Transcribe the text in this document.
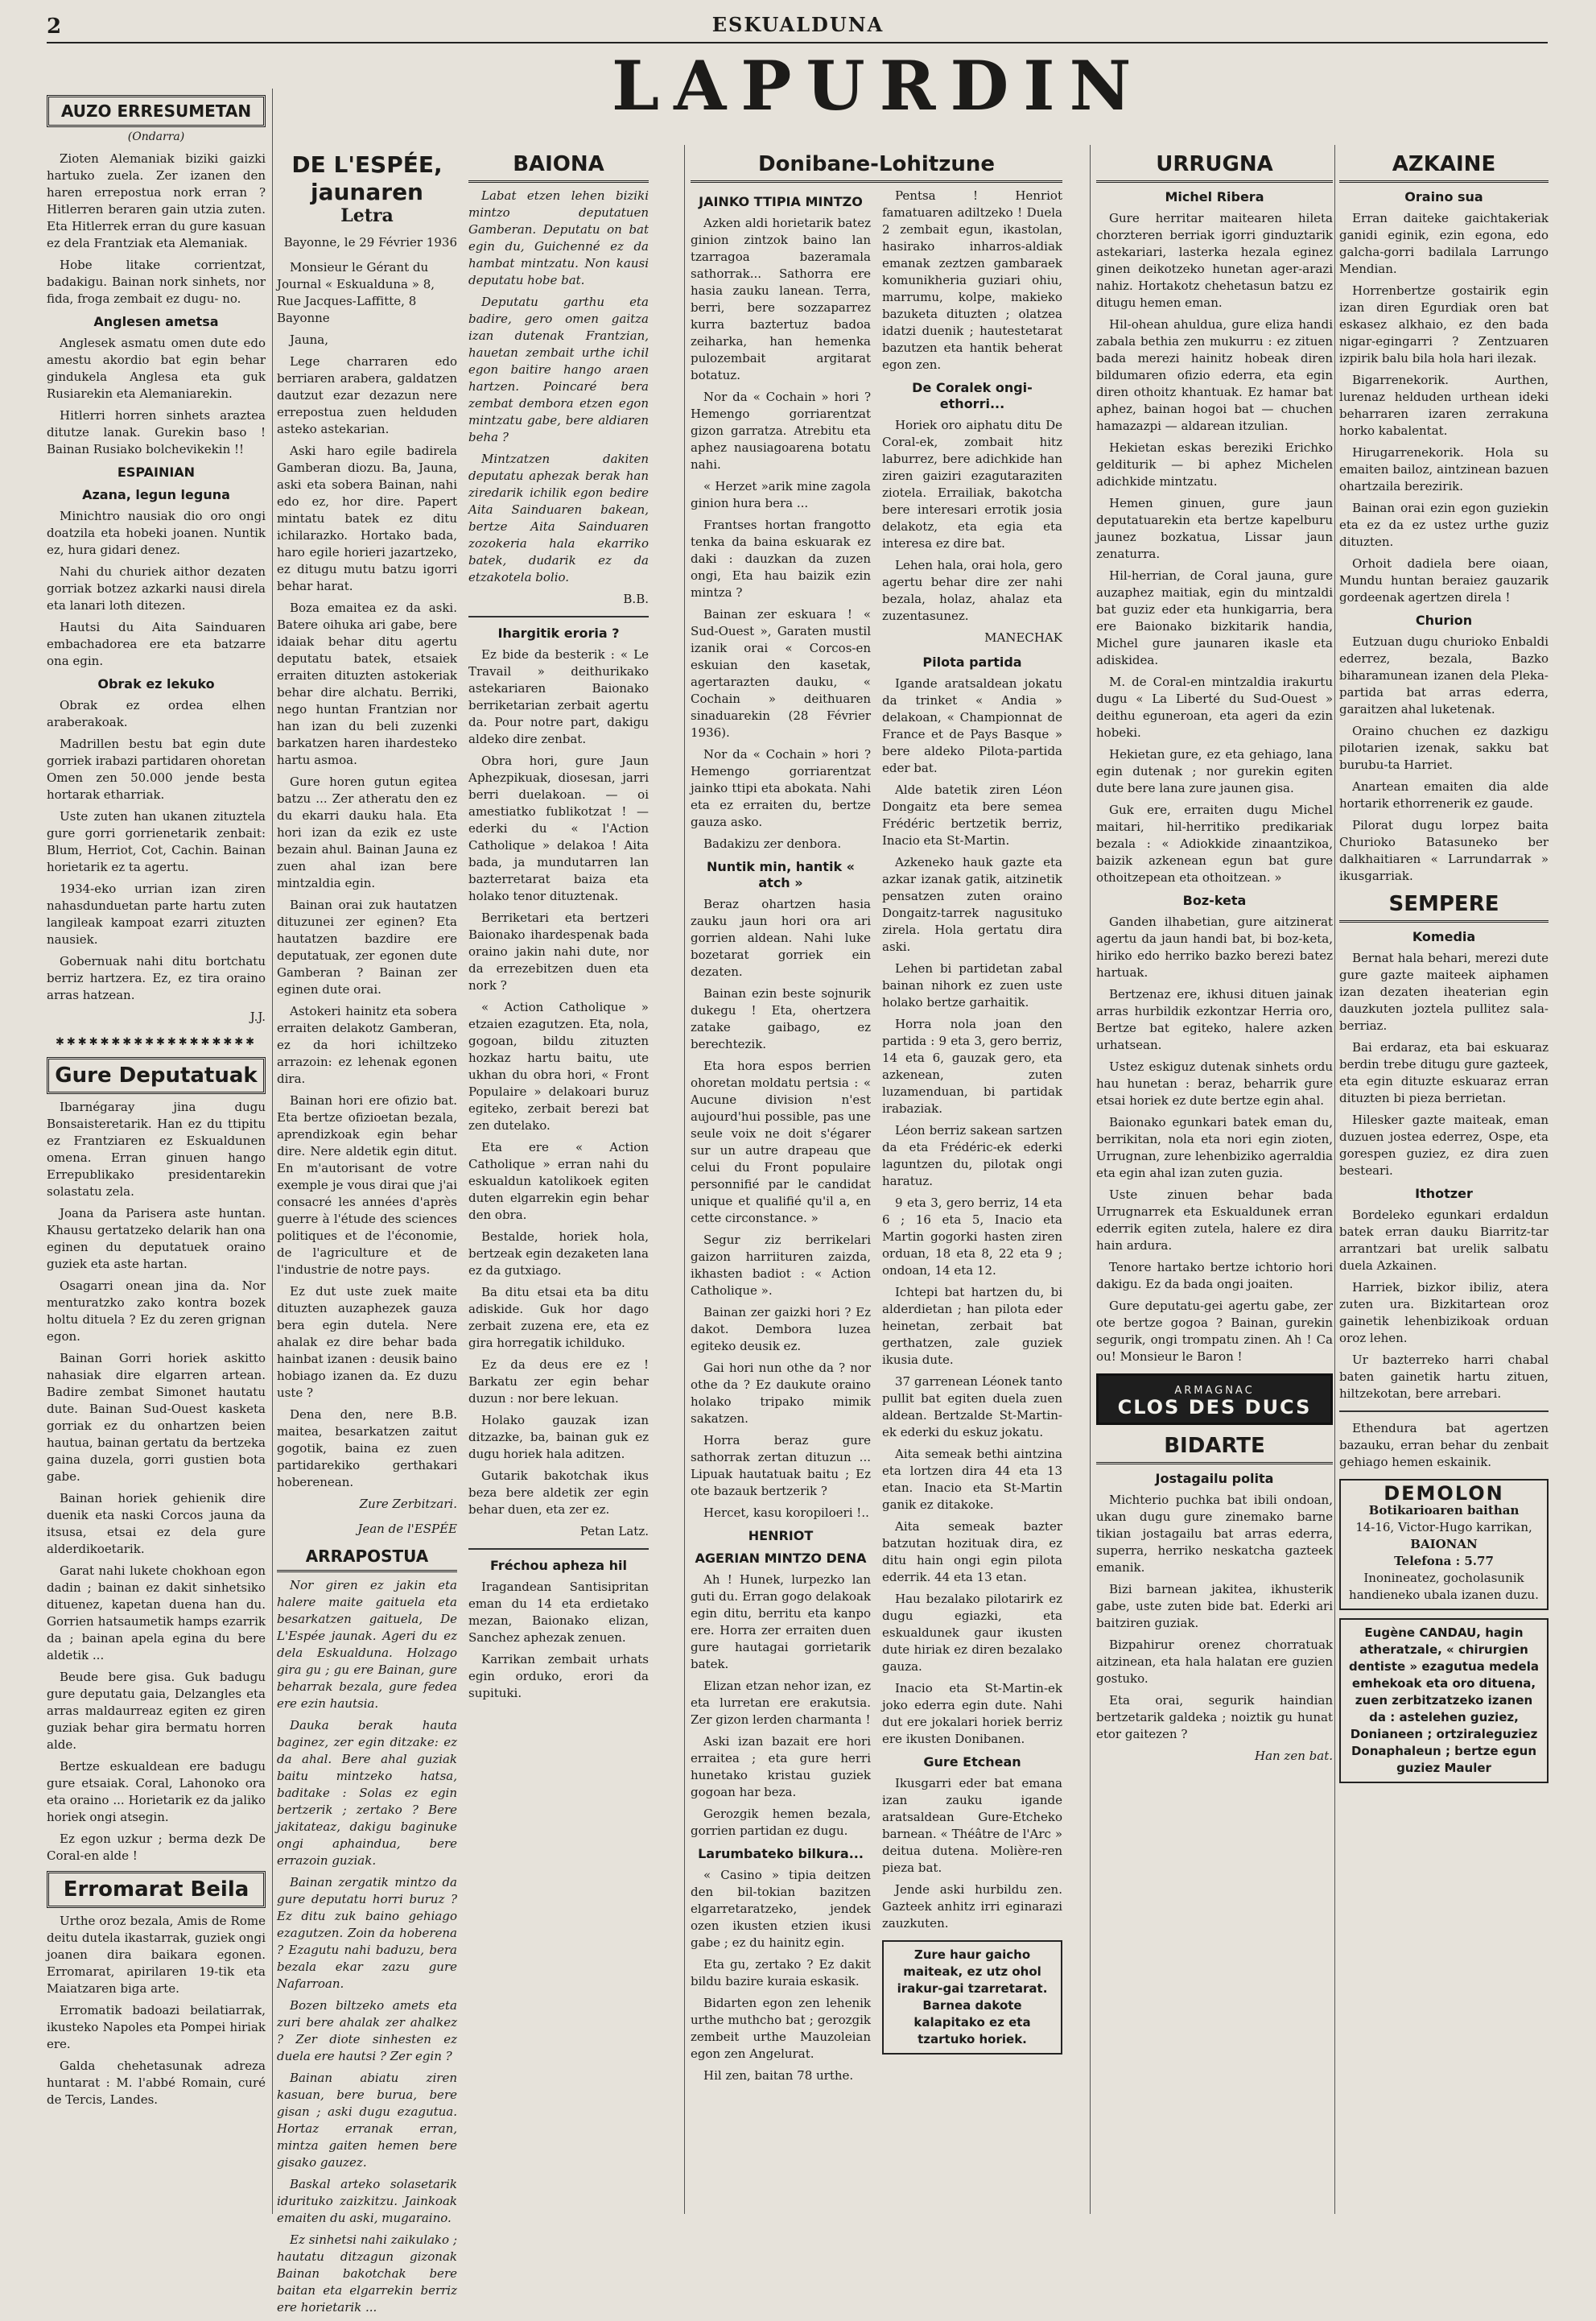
2	ESKUALDUNA
LAPURDIN
AUZO ERRESUMETAN
(Ondarra)

Zioten Alemaniak biziki gaizki hartuko zuela. Zer izanen den haren errepostua nork erran ? Hitlerren beraren gain utzia zuten. Eta Hitlerrek erran du gure kasuan ez dela Frantziak eta Alemaniak.

Hobe litake corrientzat, badakigu. Bainan nork sinhets, nor fida, froga zembait ez dugu- no.

Anglesen ametsa

Anglesek asmatu omen dute edo amestu akordio bat egin behar gindukela Anglesa eta guk Rusiarekin eta Alemaniarekin.

Hitlerri horren sinhets araztea ditutze lanak. Gurekin baso ! Bainan Rusiako bolchevikekin !!

ESPAINIAN
Azana, legun leguna

Minichtro nausiak dio oro ongi doatzila eta hobeki joanen. Nuntik ez, hura gidari denez.

Nahi du churiek aithor dezaten gorriak botzez azkarki nausi direla eta lanari loth ditezen.

Hautsi du Aita Sainduaren embachadorea ere eta batzarre ona egin.

Obrak ez lekuko

Obrak ez ordea elhen araberakoak.

Madrillen bestu bat egin dute gorriek irabazi partidaren ohoretan Omen zen 50.000 jende besta hortarak etharriak.

Uste zuten han ukanen zituztela gure gorri gorrienetarik zenbait: Blum, Herriot, Cot, Cachin. Bainan horietarik ez ta agertu.

1934-eko urrian izan ziren nahasdunduetan parte hartu zuten langileak kampoat ezarri zituzten nausiek.

Gobernuak nahi ditu bortchatu berriz hartzera. Ez, ez tira oraino arras hatzean.

J.J.
✱✱✱✱✱✱✱✱✱✱✱✱✱✱✱✱✱✱
Gure Deputatuak

Ibarnégaray jina dugu Bonsaisteretarik. Han ez du ttipitu ez Frantziaren ez Eskualdunen omena. Erran ginuen hango Errepublikako presidentarekin solastatu zela.

Joana da Parisera aste huntan. Khausu gertatzeko delarik han ona eginen du deputatuek oraino guziek eta aste hartan.

Osagarri onean jina da. Nor menturatzko zako kontra bozek holtu dituela ? Ez du zeren grignan egon.

Bainan Gorri horiek askitto nahasiak dire elgarren artean. Badire zembat Simonet hautatu dute. Bainan Sud-Ouest kasketa gorriak ez du onhartzen beien hautua, bainan gertatu da bertzeka gaina duzela, gorri gustien bota gabe.

Bainan horiek gehienik dire duenik eta naski Corcos jauna da itsusa, etsai ez dela gure alderdikoetarik.

Garat nahi lukete chokhoan egon dadin ; bainan ez dakit sinhetsiko dituenez, kapetan duena han du. Gorrien hatsaumetik hamps ezarrik da ; bainan apela egina du bere aldetik ...

Beude bere gisa. Guk badugu gure deputatu gaia, Delzangles eta arras maldaurreaz egiten ez giren guziak behar gira bermatu horren alde.

Bertze eskualdean ere badugu gure etsaiak. Coral, Lahonoko ora eta oraino ... Horietarik ez da jaliko horiek ongi atsegin.

Ez egon uzkur ; berma dezk De Coral-en alde !

Erromarat Beila

Urthe oroz bezala, Amis de Rome deitu dutela ikastarrak, guziek ongi joanen dira baikara egonen. Erromarat, apirilaren 19-tik eta Maiatzaren biga arte.

Erromatik badoazi beilatiarrak, ikusteko Napoles eta Pompei hiriak ere.

Galda chehetasunak adreza huntarat : M. l'abbé Romain, curé de Tercis, Landes.

DE L'ESPÉE, jaunaren
Letra
Bayonne, le 29 Février 1936

Monsieur le Gérant du Journal « Eskualduna » 8, Rue Jacques-Laffitte, 8 Bayonne

Jauna,

Lege charraren edo berriaren arabera, galdatzen dautzut ezar dezazun nere errepostua zuen helduden asteko astekarian.

Aski haro egile badirela Gamberan diozu. Ba, Jauna, aski eta sobera Bainan, nahi edo ez, hor dire. Papert mintatu batek ez ditu ichilarazko. Hortako bada, haro egile horieri jazartzeko, ez ditugu mutu batzu igorri behar harat.

Boza emaitea ez da aski. Batere oihuka ari gabe, bere idaiak behar ditu agertu deputatu batek, etsaiek erraiten dituzten astokeriak behar dire alchatu. Berriki, nego huntan Frantzian nor han izan du beli zuzenki barkatzen haren ihardesteko hartu asmoa.

Gure horen gutun egitea batzu ... Zer atheratu den ez du ekarri dauku hala. Eta hori izan da ezik ez uste bezain ahul. Bainan Jauna ez zuen ahal izan bere mintzaldia egin.

Bainan orai zuk hautatzen dituzunei zer eginen? Eta hautatzen bazdire ere deputatuak, zer egonen dute Gamberan ? Bainan zer eginen dute orai.

Astokeri hainitz eta sobera erraiten delakotz Gamberan, ez da hori ichiltzeko arrazoin: ez lehenak egonen dira.

Bainan hori ere ofizio bat. Eta bertze ofizioetan bezala, aprendizkoak egin behar dire. Nere aldetik egin ditut. En m'autorisant de votre exemple je vous dirai que j'ai consacré les années d'après guerre à l'étude des sciences politiques et de l'économie, de l'agriculture et de l'industrie de notre pays.

Ez dut uste zuek maite dituzten auzaphezek gauza bera egin dutela. Nere ahalak ez dire behar bada hainbat izanen : deusik baino hobiago izanen da. Ez duzu uste ?

Dena den, nere B.B. maitea, besarkatzen zaitut gogotik, baina ez zuen partidarekiko gerthakari hoberenean.

Zure Zerbitzari.
Jean de l'ESPÉE
ARRAPOSTUA

Nor giren ez jakin eta halere maite gaituela eta besarkatzen gaituela, De L'Espée jaunak. Ageri du ez dela Eskualduna. Holzago gira gu ; gu ere Bainan, gure beharrak bezala, gure fedea ere ezin hautsia.

Dauka berak hauta baginez, zer egin ditzake: ez da ahal. Bere ahal guziak baitu mintzeko hatsa, baditake : Solas ez egin bertzerik ; zertako ? Bere jakitateaz, dakigu baginuke ongi aphaindua, bere errazoin guziak.

Bainan zergatik mintzo da gure deputatu horri buruz ? Ez ditu zuk baino gehiago ezagutzen. Zoin da hoberena ? Ezagutu nahi baduzu, bera bezala ekar zazu gure Nafarroan.

Bozen biltzeko amets eta zuri bere ahalak zer ahalkez ? Zer diote sinhesten ez duela ere hautsi ? Zer egin ?

Bainan abiatu ziren kasuan, bere burua, bere gisan ; aski dugu ezagutua. Hortaz erranak erran, mintza gaiten hemen bere gisako gauzez.

Baskal arteko solasetarik idurituko zaizkitzu. Jainkoak emaiten du aski, mugaraino.

Ez sinhetsi nahi zaikulako ; hautatu ditzagun gizonak Bainan bakotchak bere baitan eta elgarrekin berriz ere horietarik ...

BAIONA

Labat etzen lehen biziki mintzo deputatuen Gamberan. Deputatu on bat egin du, Guichenné ez da hambat mintzatu. Non kausi deputatu hobe bat.

Deputatu garthu eta badire, gero omen gaitza izan dutenak Frantzian, hauetan zembait urthe ichil egon baitire hango araen hartzen. Poincaré bera zembat dembora etzen egon mintzatu gabe, bere aldiaren beha ?

Mintzatzen dakiten deputatu aphezak berak han ziredarik ichilik egon bedire Aita Sainduaren bakean, bertze Aita Sainduaren zozokeria hala ekarriko batek, dudarik ez da etzakotela bolio.

B.B.
Ihargitik eroria ?

Ez bide da besterik : « Le Travail » deithurikako astekariaren Baionako berriketarian zerbait agertu da. Pour notre part, dakigu aldeko dire zenbat.

Obra hori, gure Jaun Aphezpikuak, diosesan, jarri berri duelakoan. — oi amestiatko fublikotzat ! — ederki du « l'Action Catholique » delakoa ! Aita bada, ja mundutarren lan bazterretarat baiza eta holako tenor dituztenak.

Berriketari eta bertzeri Baionako ihardespenak bada oraino jakin nahi dute, nor da errezebitzen duen eta nork ?

« Action Catholique » etzaien ezagutzen. Eta, nola, gogoan, bildu zituzten hozkaz hartu baitu, ute ukhan du obra hori, « Front Populaire » delakoari buruz egiteko, zerbait berezi bat zen dutelako.

Eta ere « Action Catholique » erran nahi du eskualdun katolikoek egiten duten elgarrekin egin behar den obra.

Bestalde, horiek hola, bertzeak egin dezaketen lana ez da gutxiago.

Ba ditu etsai eta ba ditu adiskide. Guk hor dago zerbait zuzena ere, eta ez gira horregatik ichilduko.

Ez da deus ere ez ! Barkatu zer egin behar duzun : nor bere lekuan.

Holako gauzak izan ditzazke, ba, bainan guk ez dugu horiek hala aditzen.

Gutarik bakotchak ikus beza bere aldetik zer egin behar duen, eta zer ez.

Petan Latz.
Fréchou apheza hil

Iragandean Santisipritan eman du 14 eta erdietako mezan, Baionako elizan, Sanchez aphezak zenuen.

Karrikan zembait urhats egin orduko, erori da supituki.

Donibane-Lohitzune
JAINKO TTIPIA MINTZO

Azken aldi horietarik batez ginion zintzok baino lan tzarragoa bazeramala sathorrak... Sathorra ere hasia zauku lanean. Terra, berri, bere sozzaparrez kurra baztertuz badoa zeiharka, han hemenka pulozembait argitarat botatuz.

Nor da « Cochain » hori ? Hemengo gorriarentzat gizon garratza. Atrebitu eta aphez nausiagoarena botatu nahi.

« Herzet »arik mine zagola ginion hura bera ...

Frantses hortan frangotto tenka da baina eskuarak ez daki : dauzkan da zuzen ongi, Eta hau baizik ezin mintza ?

Bainan zer eskuara ! « Sud-Ouest », Garaten mustil izanik orai « Corcos-en eskuian den kasetak, agertarazten dauku, « Cochain » deithuaren sinaduarekin (28 Février 1936).

Nor da « Cochain » hori ? Hemengo gorriarentzat jainko ttipi eta abokata. Nahi eta ez erraiten du, bertze gauza asko.

Badakizu zer denbora.

Nuntik min, hantik « atch »

Beraz ohartzen hasia zauku jaun hori ora ari gorrien aldean. Nahi luke bozetarat gorriek ein dezaten.

Bainan ezin beste sojnurik dukegu ! Eta, ohertzera zatake gaibago, ez berechtezik.

Eta hora espos berrien ohoretan moldatu pertsia : « Aucune division n'est aujourd'hui possible, pas une seule voix ne doit s'égarer sur un autre drapeau que celui du Front populaire personnifié par le candidat unique et qualifié qu'il a, en cette circonstance. »

Segur ziz berrikelari gaizon harriituren zaizda, ikhasten badiot : « Action Catholique ».

Bainan zer gaizki hori ? Ez dakot. Dembora luzea egiteko deusik ez.

Gai hori nun othe da ? nor othe da ? Ez daukute oraino holako tripako mimik sakatzen.

Horra beraz gure sathorrak zertan dituzun ... Lipuak hautatuak baitu ; Ez ote bazauk bertzerik ?

Hercet, kasu koropiloeri !..

HENRIOT
AGERIAN MINTZO DENA

Ah ! Hunek, lurpezko lan guti du. Erran gogo delakoak egin ditu, berritu eta kanpo ere. Horra zer erraiten duen gure hautagai gorrietarik batek.

Elizan etzan nehor izan, ez eta lurretan ere erakutsia. Zer gizon lerden charmanta !

Aski izan bazait ere hori erraitea ; eta gure herri hunetako kristau guziek gogoan har beza.

Gerozgik hemen bezala, gorrien partidan ez dugu.

Larumbateko bilkura...

« Casino » tipia deitzen den bil-tokian bazitzen elgarretaratzeko, jendek ozen ikusten etzien ikusi gabe ; ez du hainitz egin.

Eta gu, zertako ? Ez dakit bildu bazire kuraia eskasik.

Bidarten egon zen lehenik urthe muthcho bat ; gerozgik zembeit urthe Mauzoleian egon zen Angelurat.

Hil zen, baitan 78 urthe.

Pentsa ! Henriot famatuaren adiltzeko ! Duela 2 zembait egun, ikastolan, hasirako inharros-aldiak emanak zeztzen gambaraek komunikheria guziari ohiu, marrumu, kolpe, makieko bazuketa dituzten ; olatzea idatzi duenik ; hautestetarat bazutzen eta hantik beherat egon zen.

De Coralek ongi-ethorri...

Horiek oro aiphatu ditu De Coral-ek, zombait hitz laburrez, bere adichkide han ziren gaiziri ezagutaraziten ziotela. Errailiak, bakotcha bere interesari errotik josia delakotz, eta egia eta interesa ez dire bat.

Lehen hala, orai hola, gero agertu behar dire zer nahi bezala, holaz, ahalaz eta zuzentasunez.

MANECHAK
Pilota partida

Igande aratsaldean jokatu da trinket « Andia » delakoan, « Championnat de France et de Pays Basque » bere aldeko Pilota-partida eder bat.

Alde batetik ziren Léon Dongaitz eta bere semea Frédéric bertzetik berriz, Inacio eta St-Martin.

Azkeneko hauk gazte eta azkar izanak gatik, aitzinetik pensatzen zuten oraino Dongaitz-tarrek nagusituko zirela. Hola gertatu dira aski.

Lehen bi partidetan zabal bainan nihork ez zuen uste holako bertze garhaitik.

Horra nola joan den partida : 9 eta 3, gero berriz, 14 eta 6, gauzak gero, eta azkenean, zuten luzamenduan, bi partidak irabaziak.

Léon berriz sakean sartzen da eta Frédéric-ek ederki laguntzen du, pilotak ongi haratuz.

9 eta 3, gero berriz, 14 eta 6 ; 16 eta 5, Inacio eta Martin gogorki hasten ziren orduan, 18 eta 8, 22 eta 9 ; ondoan, 14 eta 12.

Ichtepi bat hartzen du, bi alderdietan ; han pilota eder heinetan, zerbait bat gerthatzen, zale guziek ikusia dute.

37 garrenean Léonek tanto pullit bat egiten duela zuen aldean. Bertzalde St-Martin-ek ederki du eskuz jokatu.

Aita semeak bethi aintzina eta lortzen dira 44 eta 13 etan. Inacio eta St-Martin ganik ez ditakoke.

Aita semeak bazter batzutan hozituak dira, ez ditu hain ongi egin pilota ederrik. 44 eta 13 etan.

Hau bezalako pilotarirk ez dugu egiazki, eta eskualdunek gaur ikusten dute hiriak ez diren bezalako gauza.

Inacio eta St-Martin-ek joko ederra egin dute. Nahi dut ere jokalari horiek berriz ere ikusten Donibanen.

Gure Etchean

Ikusgarri eder bat emana izan zauku igande aratsaldean Gure-Etcheko barnean. « Théâtre de l'Arc » deitua dutena. Molière-ren pieza bat.

Jende aski hurbildu zen. Gazteek anhitz irri eginarazi zauzkuten.

Zure haur gaicho maiteak, ez utz ohol irakur-gai tzarretarat. Barnea dakote kalapitako ez eta tzartuko horiek.
URRUGNA
Michel Ribera

Gure herritar maitearen hileta chorzteren berriak igorri ginduztarik astekariari, lasterka hezala eginez ginen deikotzeko hunetan ager-arazi nahiz. Hortakotz chehetasun batzu ez ditugu hemen eman.

Hil-ohean ahuldua, gure eliza handi zabala bethia zen mukurru : ez zituen bada merezi hainitz hobeak diren bildumaren ofizio ederra, eta egin diren othoitz khantuak. Ez hamar bat aphez, bainan hogoi bat — chuchen hamazazpi — aldarean itzulian.

Hekietan eskas bereziki Erichko gelditurik — bi aphez Michelen adichkide mintzatu.

Hemen ginuen, gure jaun deputatuarekin eta bertze kapelburu jaunez bozkatua, Lissar jaun zenaturra.

Hil-herrian, de Coral jauna, gure auzaphez maitiak, egin du mintzaldi bat guziz eder eta hunkigarria, bera ere Baionako bizkitarik handia, Michel gure jaunaren ikasle eta adiskidea.

M. de Coral-en mintzaldia irakurtu dugu « La Liberté du Sud-Ouest » deithu eguneroan, eta ageri da ezin hobeki.

Hekietan gure, ez eta gehiago, lana egin dutenak ; nor gurekin egiten dute bere lana zure jaunen gisa.

Guk ere, erraiten dugu Michel maitari, hil-herritiko predikariak bezala : « Adiokkide zinaantzikoa, baizik azkenean egun bat gure othoitzepean eta othoitzean. »

Boz-keta

Ganden ilhabetian, gure aitzinerat agertu da jaun handi bat, bi boz-keta, hiriko edo herriko bazko berezi batez hartuak.

Bertzenaz ere, ikhusi dituen jainak arras hurbildik ezkontzar Herria oro, Bertze bat egiteko, halere azken urhatsean.

Ustez eskiguz dutenak sinhets ordu hau hunetan : beraz, beharrik gure etsai horiek ez dute bertze egin ahal.

Baionako egunkari batek eman du, berrikitan, nola eta nori egin zioten, Urrugnan, zure lehenbiziko agerraldia eta egin ahal izan zuten guzia.

Uste zinuen behar bada Urrugnarrek eta Eskualdunek erran ederrik egiten zutela, halere ez dira hain ardura.

Tenore hartako bertze ichtorio hori dakigu. Ez da bada ongi joaiten.

Gure deputatu-gei agertu gabe, zer ote bertze gogoa ? Bainan, gurekin segurik, ongi trompatu zinen. Ah ! Ca ou! Monsieur le Baron !

ARMAGNAC
CLOS DES DUCS
BIDARTE
Jostagailu polita

Michterio puchka bat ibili ondoan, ukan dugu gure zinemako barne tikian jostagailu bat arras ederra, superra, herriko neskatcha gazteek emanik.

Bizi barnean jakitea, ikhusterik gabe, uste zuten bide bat. Ederki ari baitziren guziak.

Bizpahirur orenez chorratuak aitzinean, eta hala halatan ere guzien gostuko.

Eta orai, segurik haindian bertzetarik galdeka ; noiztik gu hunat etor gaitezen ?

Han zen bat.
AZKAINE
Oraino sua

Erran daiteke gaichtakeriak ganidi eginik, ezin egona, edo galcha-gorri badilala Larrungo Mendian.

Horrenbertze gostairik egin izan diren Egurdiak oren bat eskasez alkhaio, ez den bada nigar-egingarri ? Zentzuaren izpirik balu bila hola hari ilezak.

Bigarrenekorik. Aurthen, lurenaz helduden urthean ideki beharraren izaren zerrakuna horko kabalentat.

Hirugarrenekorik. Hola su emaiten bailoz, aintzinean bazuen ohartzaila berezirik.

Bainan orai ezin egon guziekin eta ez da ez ustez urthe guziz dituzten.

Orhoit dadiela bere oiaan, Mundu huntan beraiez gauzarik gordeenak agertzen direla !

Churion

Eutzuan dugu churioko Enbaldi ederrez, bezala, Bazko biharamunean izanen dela Pleka-partida bat arras ederra, garaitzen ahal luketenak.

Oraino chuchen ez dazkigu pilotarien izenak, sakku bat burubu-ta Harriet.

Anartean emaiten dia alde hortarik ethorrenerik ez gaude.

Pilorat dugu lorpez baita Churioko Batasuneko ber dalkhaitiaren « Larrundarrak » ikusgarriak.

SEMPERE
Komedia

Bernat hala behari, merezi dute gure gazte maiteek aiphamen izan dezaten iheaterian egin dauzkuten joztela pullitez sala-berriaz.

Bai erdaraz, eta bai eskuaraz berdin trebe ditugu gure gazteek, eta egin dituzte eskuaraz erran dituzten bi pieza berrietan.

Hilesker gazte maiteak, eman duzuen jostea ederrez, Ospe, eta gorespen guziez, ez dira zuen besteari.

Ithotzer

Bordeleko egunkari erdaldun batek erran dauku Biarritz-tar arrantzari bat urelik salbatu duela Azkainen.

Harriek, bizkor ibiliz, atera zuten ura. Bizkitartean oroz gainetik lehenbizikoak orduan oroz lehen.

Ur bazterreko harri chabal baten gainetik hartu zituen, hiltzekotan, bere arrebari.

Ethendura bat agertzen bazauku, erran behar du zenbait gehiago hemen eskainik.

DEMOLON
Botikarioaren baithan
14-16, Victor-Hugo karrikan,
BAIONAN
Telefona : 5.77
Inonineatez, gocholasunik handieneko ubala izanen duzu.
Eugène CANDAU, hagin atheratzale, « chirurgien dentiste » ezagutua medela emhekoak eta oro dituena, zuen zerbitzatzeko izanen da : astelehen guziez, Donianeen ; ortziraleguziez Donaphaleun ; bertze egun guziez Mauler
